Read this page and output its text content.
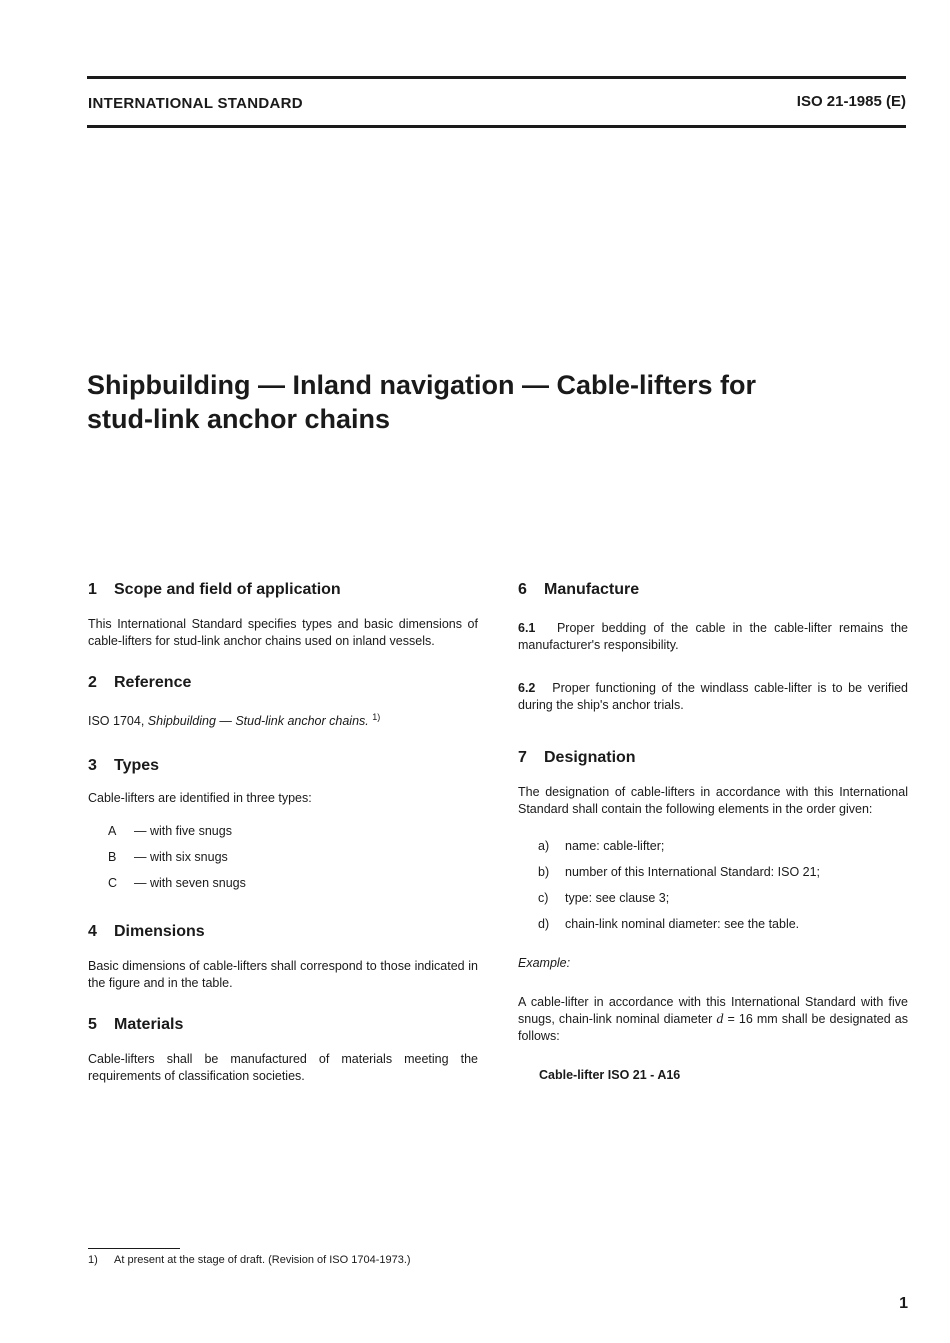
INTERNATIONAL STANDARD	ISO 21-1985 (E)
Shipbuilding — Inland navigation — Cable-lifters for
stud-link anchor chains
1 Scope and field of application

This International Standard specifies types and basic dimensions of cable-lifters for stud-link anchor chains used on inland vessels.

2 Reference

ISO 1704, Shipbuilding — Stud-link anchor chains. $^{1)}$

3 Types

Cable-lifters are identified in three types:

A — with five snugs
B — with six snugs
C — with seven snugs
4 Dimensions

Basic dimensions of cable-lifters shall correspond to those indicated in the figure and in the table.

5 Materials

Cable-lifters shall be manufactured of materials meeting the requirements of classification societies.

6 Manufacture

6.1 Proper bedding of the cable in the cable-lifter remains the manufacturer's responsibility.

6.2 Proper functioning of the windlass cable-lifter is to be verified during the ship's anchor trials.

7 Designation

The designation of cable-lifters in accordance with this International Standard shall contain the following elements in the order given:

a) name: cable-lifter;
b) number of this International Standard: ISO 21;
c) type: see clause 3;
d) chain-link nominal diameter: see the table.

Example:

A cable-lifter in accordance with this International Standard with five snugs, chain-link nominal diameter d = 16 mm shall be designated as follows:

Cable-lifter ISO 21 - A16

1) At present at the stage of draft. (Revision of ISO 1704-1973.)
1
